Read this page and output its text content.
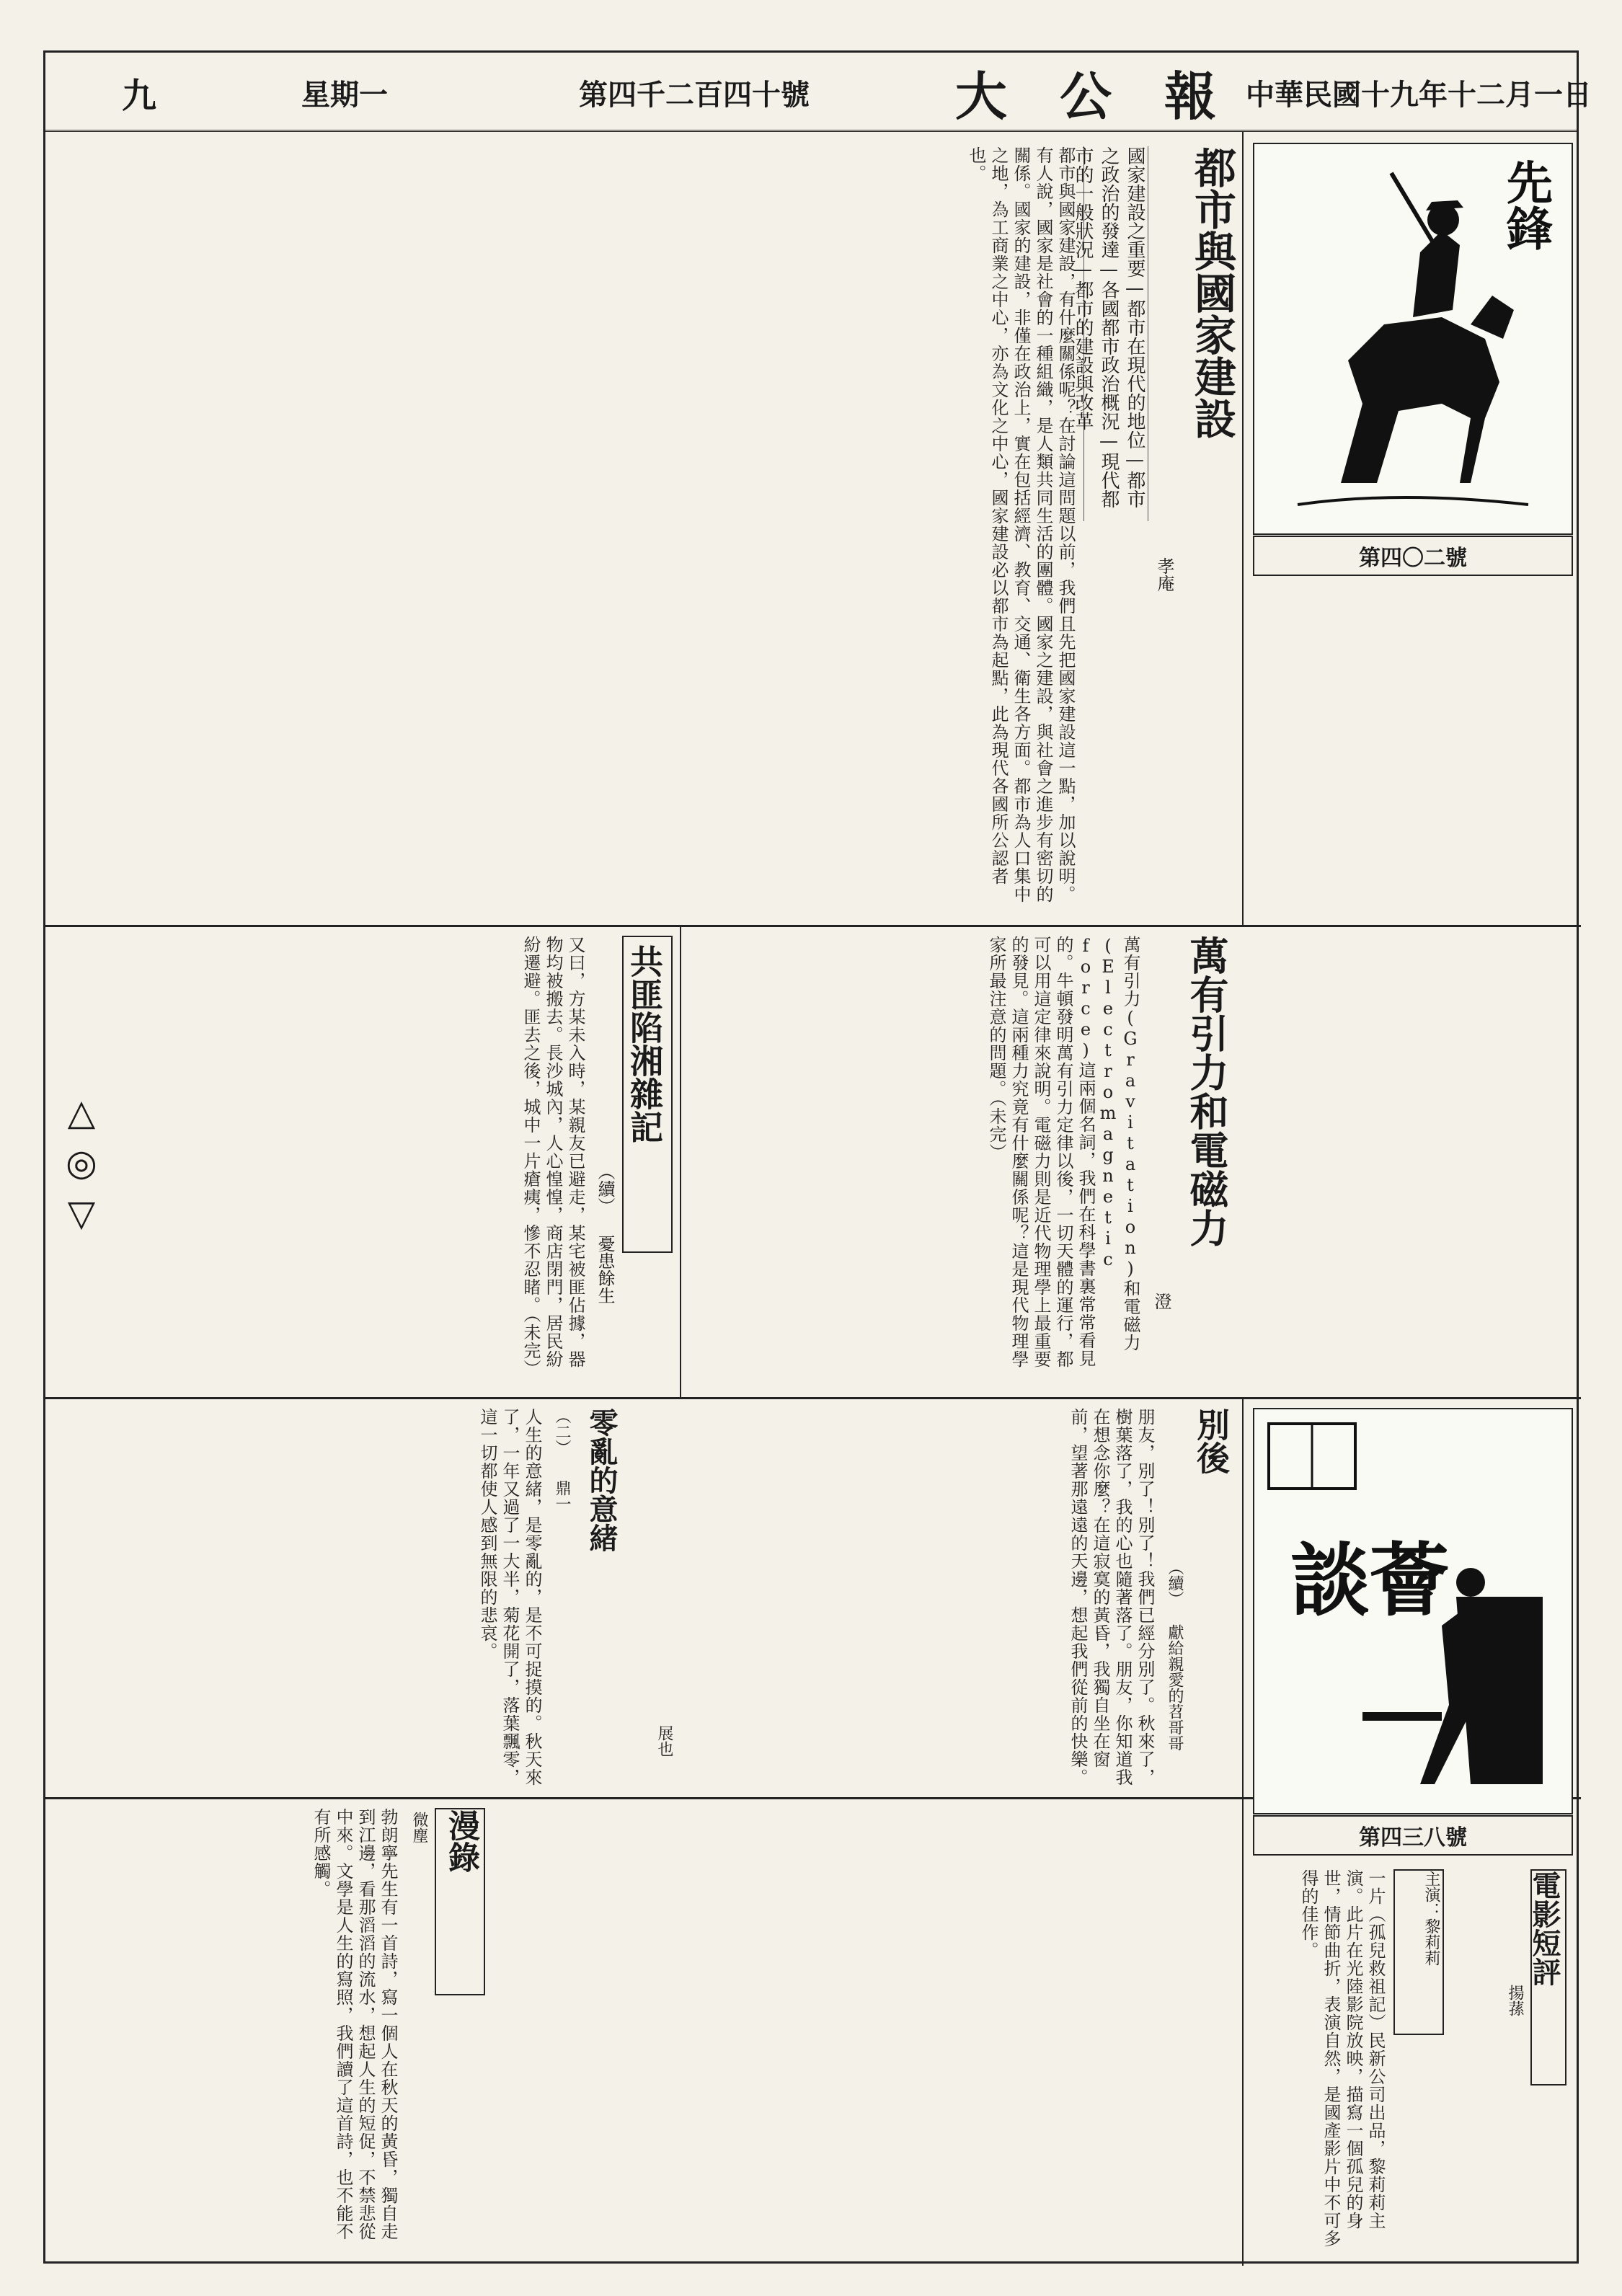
中華民國十九年十二月一日
大 公 報
第四千二百四十號
星期一
九
先鋒
第四〇二號
都市與國家建設
孝庵
國家建設之重要—都市在現代的地位—都市之政治的發達—各國都市政治概況—現代都市的一般狀況—都市的建設與改革
都市與國家建設，有什麼關係呢？在討論這問題以前，我們且先把國家建設這一點，加以說明。有人說，國家是社會的一種組織，是人類共同生活的團體。國家之建設，與社會之進步有密切的關係。國家的建設，非僅在政治上，實在包括經濟、教育、交通、衛生各方面。都市為人口集中之地，為工商業之中心，亦為文化之中心，國家建設必以都市為起點，此為現代各國所公認者也。
萬有引力和電磁力
澄
萬有引力(Gravitation)和電磁力(Electromagnetic force)這兩個名詞，我們在科學書裏常常看見的。牛頓發明萬有引力定律以後，一切天體的運行，都可以用這定律來說明。電磁力則是近代物理學上最重要的發見。這兩種力究竟有什麼關係呢？這是現代物理學家所最注意的問題。（未完）
共匪陷湘雜記
（續）
憂患餘生
又曰，方某未入時，某親友已避走，某宅被匪佔據，器物均被搬去。長沙城內，人心惶惶，商店閉門，居民紛紛遷避。匪去之後，城中一片瘡痍，慘不忍睹。（未完）
談薈
第四三八號
別後
（續）
獻給親愛的苕哥哥
朋友，別了！別了！我們已經分別了。秋來了，樹葉落了，我的心也隨著落了。朋友，你知道我在想念你麼？在這寂寞的黃昏，我獨自坐在窗前，望著那遠遠的天邊，想起我們從前的快樂。
展也
零亂的意緒
（二）
鼎一
人生的意緒，是零亂的，是不可捉摸的。秋天來了，一年又過了一大半，菊花開了，落葉飄零，這一切都使人感到無限的悲哀。
漫錄
微塵
勃朗寧先生有一首詩，寫一個人在秋天的黃昏，獨自走到江邊，看那滔滔的流水，想起人生的短促，不禁悲從中來。文學是人生的寫照，我們讀了這首詩，也不能不有所感觸。
電影短評
揚蓀
主演：黎莉莉
一片（孤兒救祖記）民新公司出品，黎莉莉主演。此片在光陸影院放映，描寫一個孤兒的身世，情節曲折，表演自然，是國產影片中不可多得的佳作。
△
◎
▽
